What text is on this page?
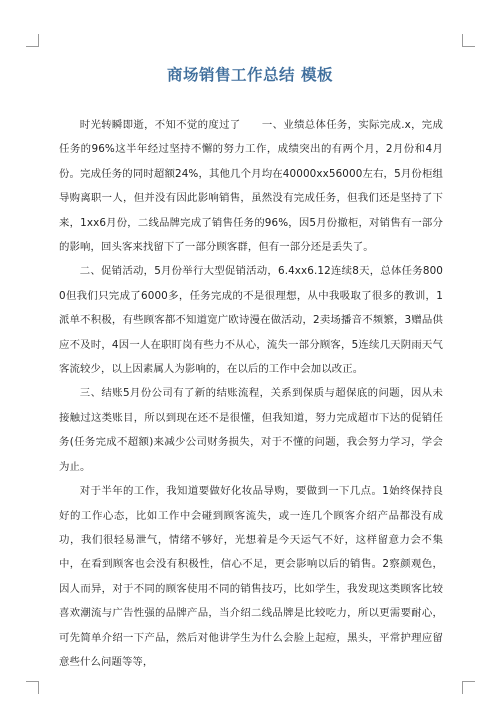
商场销售工作总结 模板

时光转瞬即逝，不知不觉的度过了　　一、业绩总体任务，实际完成.x，完成任务的96%这半年经过坚持不懈的努力工作，成绩突出的有两个月，2月份和4月份。完成任务的同时超额24%，其他几个月均在40000xx56000左右，5月份柜组导购离职一人，但并没有因此影响销售，虽然没有完成任务，但我们还是坚持了下来，1xx6月份，二线品牌完成了销售任务的96%，因5月份撤柜，对销售有一部分的影响，回头客来找留下了一部分顾客群，但有一部分还是丢失了。

二、促销活动，5月份举行大型促销活动，6.4xx6.12连续8天，总体任务8000但我们只完成了6000多，任务完成的不是很理想，从中我吸取了很多的教训，1派单不积极，有些顾客都不知道宽广欧诗漫在做活动，2卖场播音不频繁，3赠品供应不及时，4因一人在职盯岗有些力不从心，流失一部分顾客，5连续几天阴雨天气客流较少，以上因素属人为影响的，在以后的工作中会加以改正。

三、结账5月份公司有了新的结账流程，关系到保质与超保底的问题，因从未接触过这类账目，所以到现在还不是很懂，但我知道，努力完成超市下达的促销任务(任务完成不超额)来减少公司财务损失，对于不懂的问题，我会努力学习，学会为止。

对于半年的工作，我知道要做好化妆品导购，要做到一下几点。1始终保持良好的工作心态，比如工作中会碰到顾客流失，或一连几个顾客介绍产品都没有成功，我们很轻易泄气，情绪不够好，光想着是今天运气不好，这样留意力会不集中，在看到顾客也会没有积极性，信心不足，更会影响以后的销售。2察颜观色，因人而异，对于不同的顾客使用不同的销售技巧，比如学生，我发现这类顾客比较喜欢潮流与广告性强的品牌产品，当介绍二线品牌是比较吃力，所以更需要耐心，可先简单介绍一下产品，然后对他讲学生为什么会脸上起痘，黑头，平常护理应留意些什么问题等等，
